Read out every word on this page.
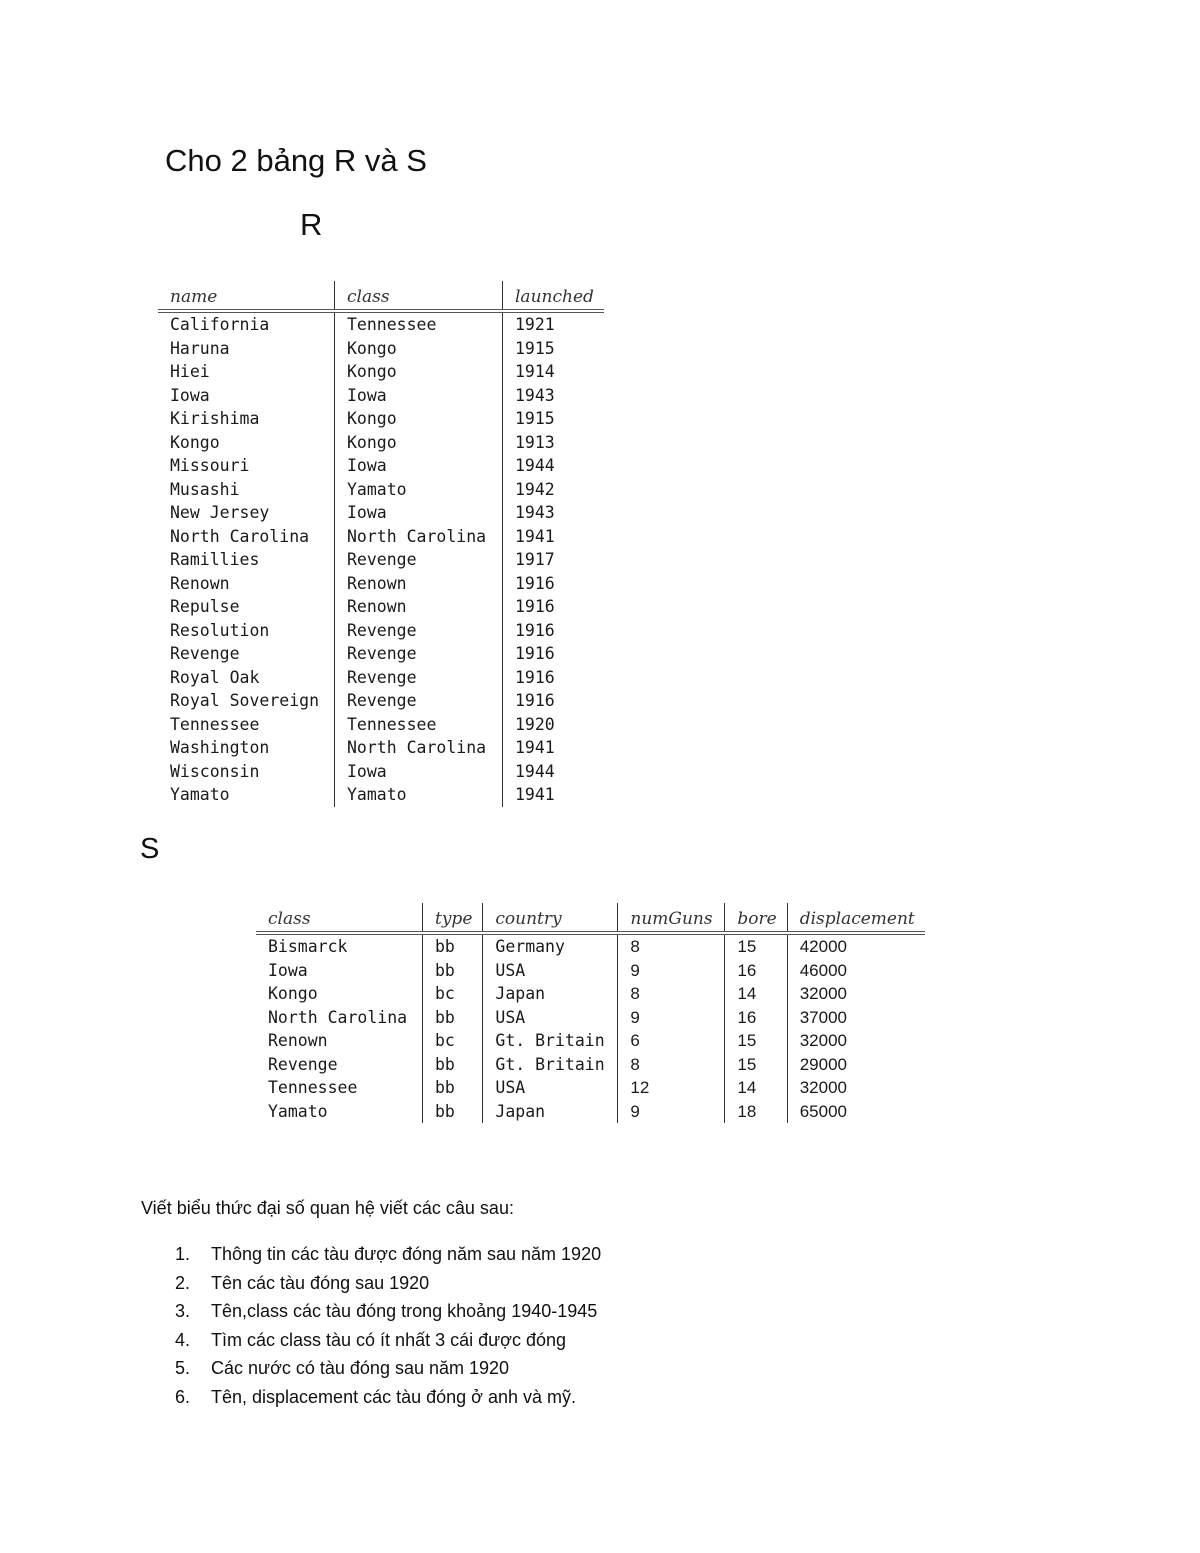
Cho 2 bảng R và S
R
name	class	launched
California	Tennessee	1921
Haruna	Kongo	1915
Hiei	Kongo	1914
Iowa	Iowa	1943
Kirishima	Kongo	1915
Kongo	Kongo	1913
Missouri	Iowa	1944
Musashi	Yamato	1942
New Jersey	Iowa	1943
North Carolina	North Carolina	1941
Ramillies	Revenge	1917
Renown	Renown	1916
Repulse	Renown	1916
Resolution	Revenge	1916
Revenge	Revenge	1916
Royal Oak	Revenge	1916
Royal Sovereign	Revenge	1916
Tennessee	Tennessee	1920
Washington	North Carolina	1941
Wisconsin	Iowa	1944
Yamato	Yamato	1941
S
class	type	country	numGuns	bore	displacement
Bismarck	bb	Germany	8	15	42000
Iowa	bb	USA	9	16	46000
Kongo	bc	Japan	8	14	32000
North Carolina	bb	USA	9	16	37000
Renown	bc	Gt. Britain	6	15	32000
Revenge	bb	Gt. Britain	8	15	29000
Tennessee	bb	USA	12	14	32000
Yamato	bb	Japan	9	18	65000
Viết biểu thức đại số quan hệ viết các câu sau:
1. Thông tin các tàu được đóng năm sau năm 1920
2. Tên các tàu đóng sau 1920
3. Tên,class các tàu đóng trong khoảng 1940-1945
4. Tìm các class tàu có ít nhất 3 cái được đóng
5. Các nước có tàu đóng sau năm 1920
6. Tên, displacement các tàu đóng ở anh và mỹ.
